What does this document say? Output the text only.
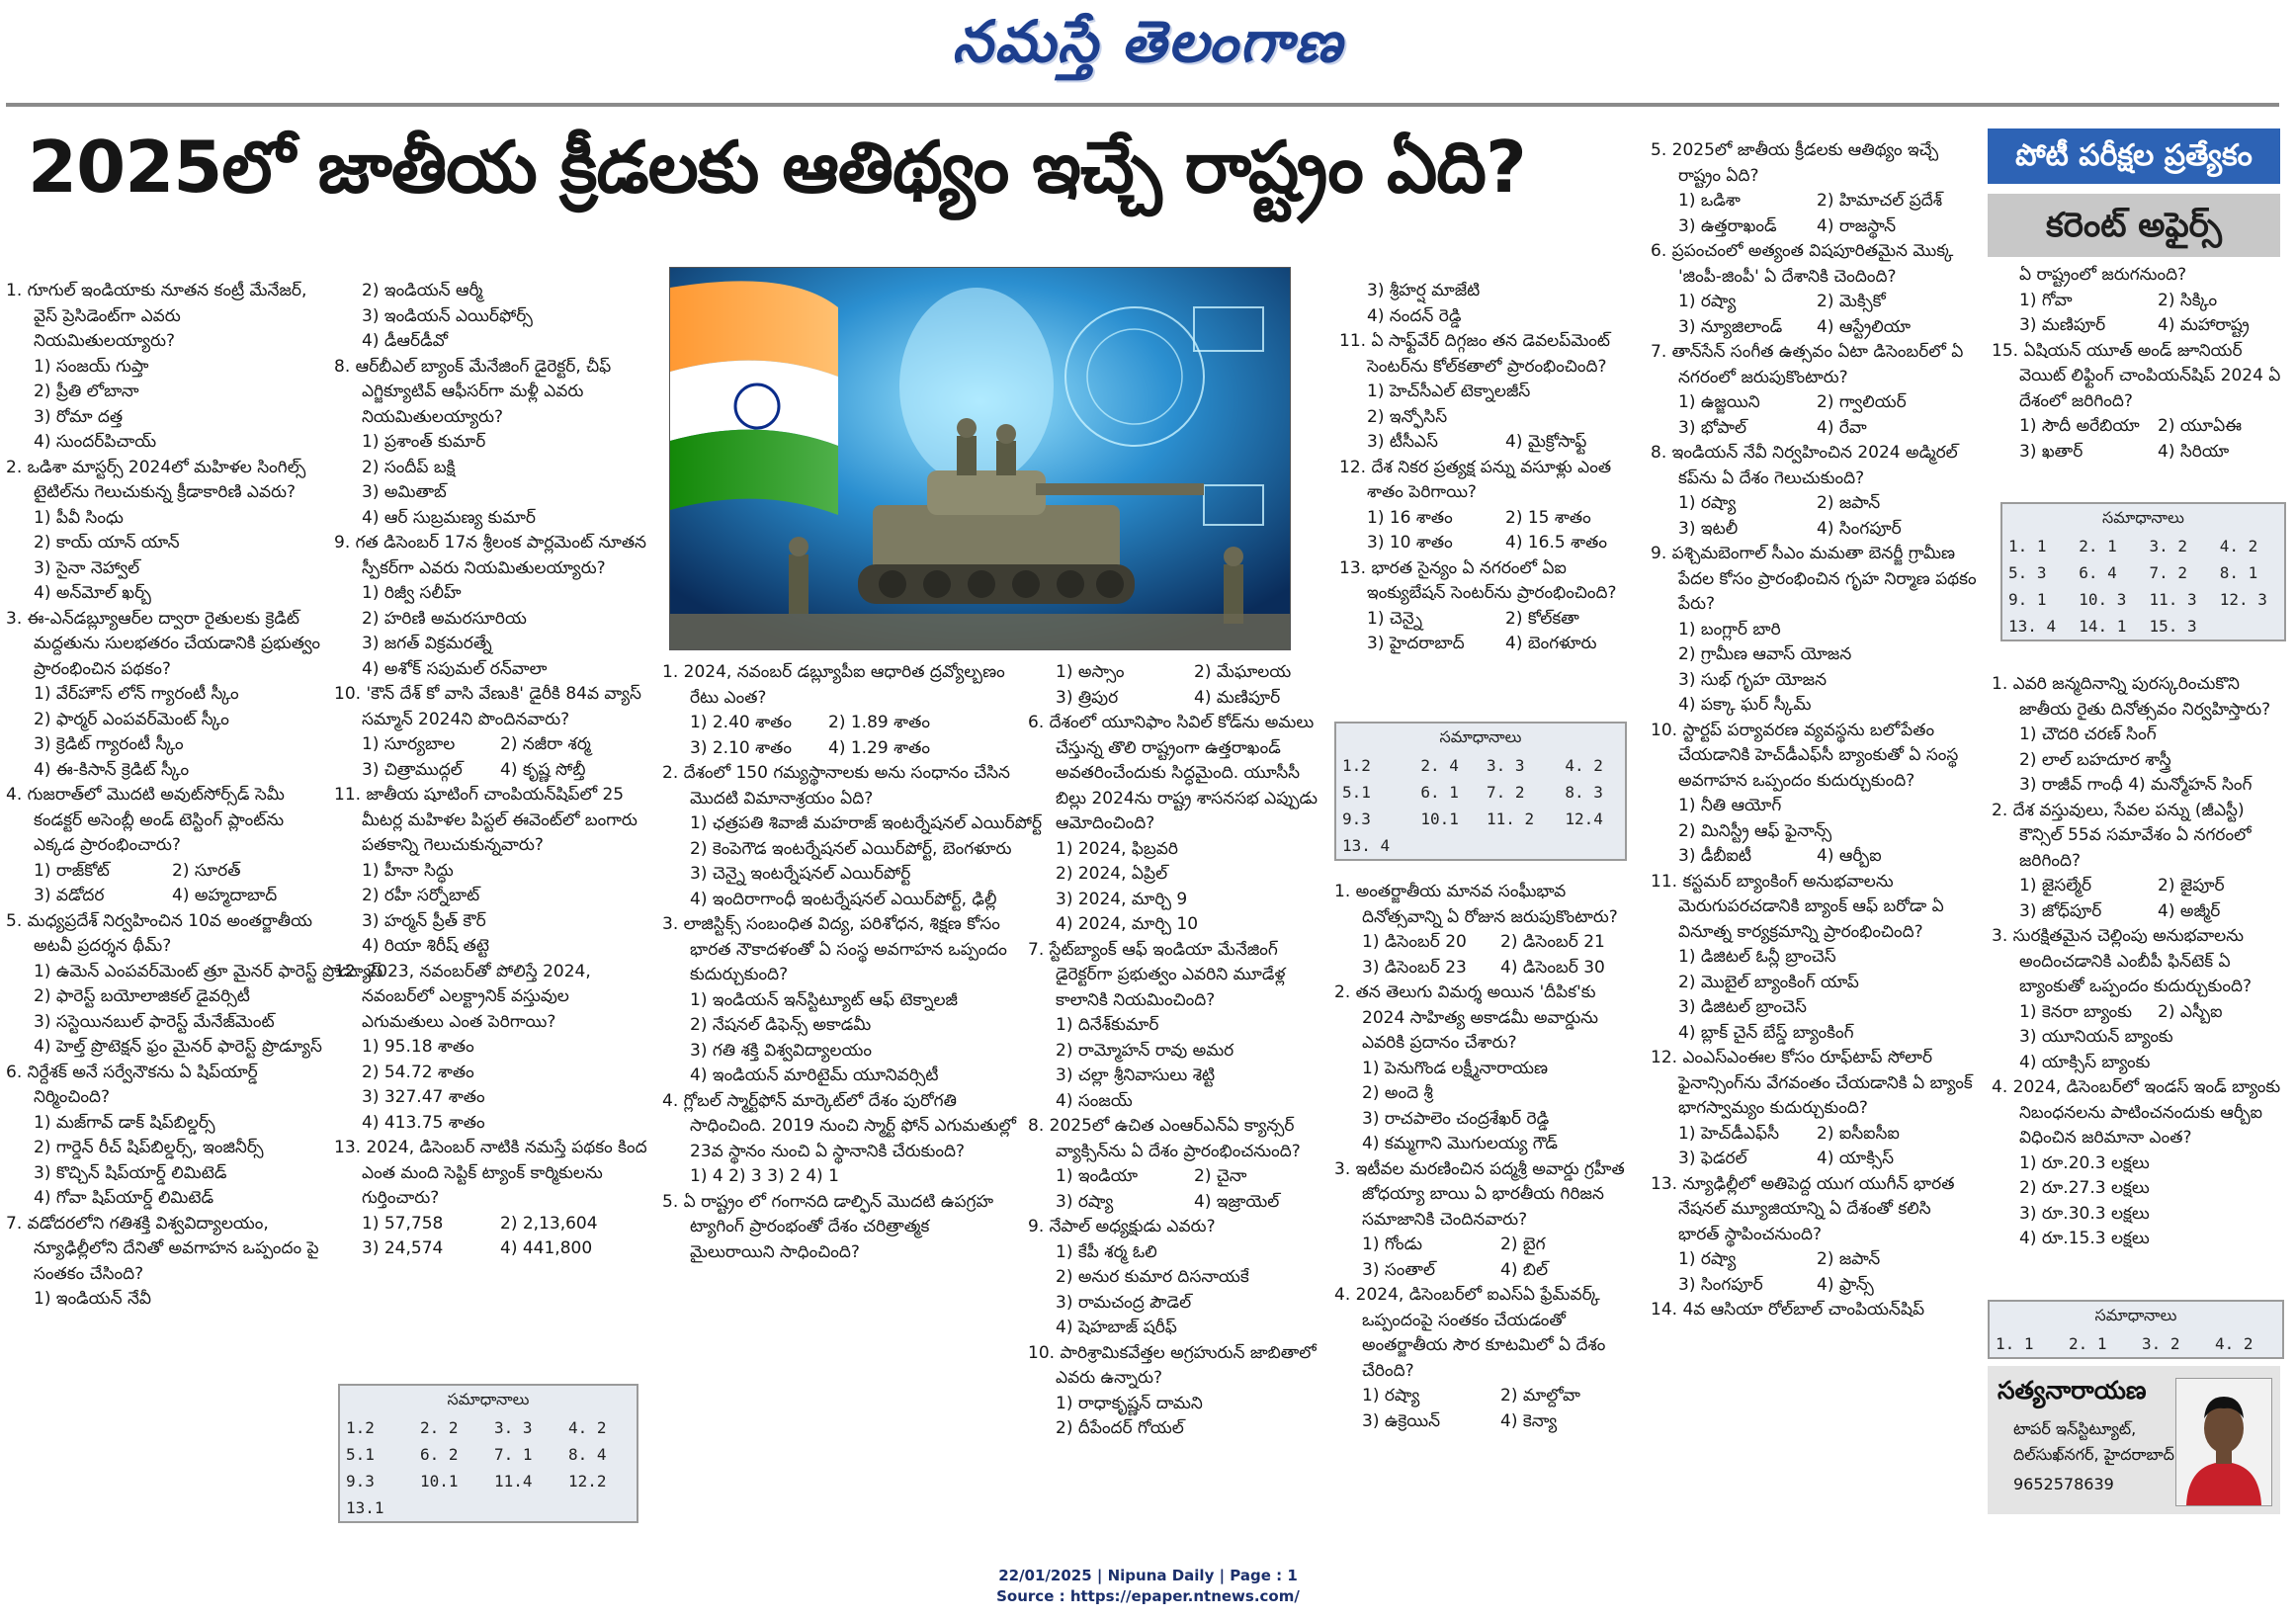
నమస్తే తెలంగాణ
2025లో జాతీయ క్రీడలకు ఆతిథ్యం ఇచ్చే రాష్ట్రం ఏది?	పోటీ పరీక్షల ప్రత్యేకం
కరెంట్ అఫైర్స్

1. గూగుల్ ఇండియాకు నూతన కంట్రీ మేనేజర్, వైస్ ప్రెసిడెంట్‌గా ఎవరు నియమితులయ్యారు?

1) సంజయ్ గుప్తా

2) ప్రీతి లోబానా

3) రోమా దత్త

4) సుందర్‌పిచాయ్

2. ఒడిశా మాస్టర్స్ 2024లో మహిళల సింగిల్స్ టైటిల్‌ను గెలుచుకున్న క్రీడాకారిణి ఎవరు?

1) పీవీ సింధు

2) కాయ్ యాన్ యాన్

3) సైనా నెహ్వాల్

4) అన్‌మోల్ ఖర్బ్

3. ఈ-ఎన్‌డబ్ల్యూఆర్‌ల ద్వారా రైతులకు క్రెడిట్ మద్దతును సులభతరం చేయడానికి ప్రభుత్వం ప్రారంభించిన పథకం?

1) వేర్‌హౌస్ లోన్ గ్యారంటీ స్కీం

2) ఫార్మర్ ఎంపవర్‌మెంట్ స్కీం

3) క్రెడిట్ గ్యారంటీ స్కీం

4) ఈ-కిసాన్ క్రెడిట్ స్కీం

4. గుజరాత్‌లో మొదటి అవుట్‌సోర్స్‌డ్ సెమీ కండక్టర్ అసెంబ్లీ అండ్ టెస్టింగ్ ప్లాంట్‌ను ఎక్కడ ప్రారంభించారు?

1) రాజ్‌కోట్	2) సూరత్

3) వడోదర	4) అహ్మదాబాద్

5. మధ్యప్రదేశ్ నిర్వహించిన 10వ అంతర్జాతీయ అటవీ ప్రదర్శన థీమ్?

1) ఉమెన్ ఎంపవర్‌మెంట్ త్రూ మైనర్ ఫారెస్ట్ ప్రొడ్యూస్

2) ఫారెస్ట్ బయోలాజికల్ డైవర్సిటీ

3) సస్టెయినబుల్ ఫారెస్ట్ మేనేజ్‌మెంట్

4) హెల్త్ ప్రొటెక్షన్ ఫ్రం మైనర్ ఫారెస్ట్ ప్రొడ్యూస్

6. నిర్దేశక్ అనే సర్వేనౌకను ఏ షిప్‌యార్డ్ నిర్మించింది?

1) మజ్‌గావ్ డాక్ షిప్‌బిల్డర్స్

2) గార్డెన్ రీచ్ షిప్‌బిల్డర్స్, ఇంజినీర్స్

3) కొచ్చిన్ షిప్‌యార్డ్ లిమిటెడ్

4) గోవా షిప్‌యార్డ్ లిమిటెడ్

7. వడోదరలోని గతిశక్తి విశ్వవిద్యాలయం, న్యూఢిల్లీలోని దేనితో అవగాహన ఒప్పందం పై సంతకం చేసింది?

1) ఇండియన్ నేవీ

2) ఇండియన్ ఆర్మీ

3) ఇండియన్ ఎయిర్‌ఫోర్స్

4) డీఆర్‌డీవో

8. ఆర్‌బీఎల్ బ్యాంక్ మేనేజింగ్ డైరెక్టర్, చీఫ్ ఎగ్జిక్యూటివ్ ఆఫీసర్‌గా మళ్లీ ఎవరు నియమితులయ్యారు?

1) ప్రశాంత్ కుమార్

2) సందీప్ బక్షి

3) అమితాబ్

4) ఆర్ సుబ్రమణ్య కుమార్

9. గత డిసెంబర్ 17న శ్రీలంక పార్లమెంట్ నూతన స్పీకర్‌గా ఎవరు నియమితులయ్యారు?

1) రిజ్వీ సలీహ్

2) హరిణి అమరసూరియ

3) జగత్ విక్రమరత్నే

4) అశోక్ సపుమల్ రన్‌వాలా

10. 'కౌన్ దేశ్ కో వాసి వేణుకి' డైరీకి 84వ వ్యాస్ సమ్మాన్ 2024ని పొందినవారు?

1) సూర్యబాల	2) నజీరా శర్మ

3) చిత్రాముద్గల్ 4) కృష్ణ సోబ్తీ

11. జాతీయ షూటింగ్ చాంపియన్‌షిప్‌లో 25 మీటర్ల మహిళల పిస్టల్ ఈవెంట్‌లో బంగారు పతకాన్ని గెలుచుకున్నవారు?

1) హీనా సిద్ధు

2) రహీ సర్నోబాట్

3) హర్మన్ ప్రీత్ కౌర్

4) రియా శిరీష్ తట్టె

12. 2023, నవంబర్‌తో పోలిస్తే 2024, నవంబర్‌లో ఎలక్ట్రానిక్ వస్తువుల ఎగుమతులు ఎంత పెరిగాయి?

1) 95.18 శాతం

2) 54.72 శాతం

3) 327.47 శాతం

4) 413.75 శాతం

13. 2024, డిసెంబర్ నాటికి నమస్తే పథకం కింద ఎంత మంది సెప్టిక్ ట్యాంక్ కార్మికులను గుర్తించారు?

1) 57,758	2) 2,13,604

3) 24,574	4) 441,800

1. 2024, నవంబర్ డబ్ల్యూపీఐ ఆధారిత ద్రవ్యోల్బణం రేటు ఎంత?

1) 2.40 శాతం 2) 1.89 శాతం

3) 2.10 శాతం 4) 1.29 శాతం

2. దేశంలో 150 గమ్యస్థానాలకు అను సంధానం చేసిన మొదటి విమానాశ్రయం ఏది?

1) ఛత్రపతి శివాజీ మహరాజ్ ఇంటర్నేషనల్ ఎయిర్‌పోర్ట్

2) కెంపెగౌడ ఇంటర్నేషనల్ ఎయిర్‌పోర్ట్, బెంగళూరు

3) చెన్నై ఇంటర్నేషనల్ ఎయిర్‌పోర్ట్

4) ఇందిరాగాంధీ ఇంటర్నేషనల్ ఎయిర్‌పోర్ట్, ఢిల్లీ

3. లాజిస్టిక్స్ సంబంధిత విద్య, పరిశోధన, శిక్షణ కోసం భారత నౌకాదళంతో ఏ సంస్థ అవగాహన ఒప్పందం కుదుర్చుకుంది?

1) ఇండియన్ ఇన్‌స్టిట్యూట్ ఆఫ్ టెక్నాలజీ

2) నేషనల్ డిఫెన్స్ అకాడమీ

3) గతి శక్తి విశ్వవిద్యాలయం

4) ఇండియన్ మారిటైమ్ యూనివర్సిటీ

4. గ్లోబల్ స్మార్ట్‌ఫోన్ మార్కెట్‌లో దేశం పురోగతి సాధించింది. 2019 నుంచి స్మార్ట్ ఫోన్ ఎగుమతుల్లో 23వ స్థానం నుంచి ఏ స్థానానికి చేరుకుంది?

1) 4 2) 3 3) 2 4) 1

5. ఏ రాష్ట్రం లో గంగానది డాల్ఫిన్ మొదటి ఉపగ్రహ ట్యాగింగ్ ప్రారంభంతో దేశం చరిత్రాత్మక మైలురాయిని సాధించింది?

1) అస్సాం	2) మేఘాలయ

3) త్రిపుర	4) మణిపూర్

6. దేశంలో యూనిఫాం సివిల్ కోడ్‌ను అమలు చేస్తున్న తొలి రాష్ట్రంగా ఉత్తరాఖండ్ అవతరించేందుకు సిద్ధమైంది. యూసీసీ బిల్లు 2024ను రాష్ట్ర శాసనసభ ఎప్పుడు ఆమోదించింది?

1) 2024, ఫిబ్రవరి

2) 2024, ఏప్రిల్

3) 2024, మార్చి 9

4) 2024, మార్చి 10

7. స్టేట్‌బ్యాంక్ ఆఫ్ ఇండియా మేనేజింగ్ డైరెక్టర్‌గా ప్రభుత్వం ఎవరిని మూడేళ్ల కాలానికి నియమించింది?

1) దినేశ్‌కుమార్

2) రామ్మోహన్ రావు అమర

3) చల్లా శ్రీనివాసులు శెట్టి

4) సంజయ్

8. 2025లో ఉచిత ఎంఆర్‌ఎన్ఏ క్యాన్సర్ వ్యాక్సిన్‌ను ఏ దేశం ప్రారంభించనుంది?

1) ఇండియా	2) చైనా

3) రష్యా	4) ఇజ్రాయెల్

9. నేపాల్ అధ్యక్షుడు ఎవరు?

1) కేపీ శర్మ ఓలి

2) అనుర కుమార దిసనాయకే

3) రామచంద్ర పౌడెల్

4) షెహబాజ్ షరీఫ్

10. పారిశ్రామికవేత్తల అగ్రహురున్ జాబితాలో ఎవరు ఉన్నారు?

1) రాధాకృష్ణన్ దామని

2) దీపేందర్ గోయల్

3) శ్రీహర్ష మాజేటి

4) నందన్ రెడ్డి

11. ఏ సాఫ్ట్‌వేర్ దిగ్గజం తన డెవలప్‌మెంట్ సెంటర్‌ను కోల్‌కతాలో ప్రారంభించింది?

1) హెచ్‌సీఎల్ టెక్నాలజీస్

2) ఇన్ఫోసిస్

3) టీసీఎస్	4) మైక్రోసాఫ్ట్

12. దేశ నికర ప్రత్యక్ష పన్ను వసూళ్లు ఎంత శాతం పెరిగాయి?

1) 16 శాతం	2) 15 శాతం

3) 10 శాతం	4) 16.5 శాతం

13. భారత సైన్యం ఏ నగరంలో ఏఐ ఇంక్యుబేషన్ సెంటర్‌ను ప్రారంభించింది?

1) చెన్నై	2) కోల్‌కతా

3) హైదరాబాద్ 4) బెంగళూరు

సమాధానాలు
1.2	2. 4	3. 3	4. 2
5.1	6. 1	7. 2	8. 3
9.3	10.1	11. 2	12.4
13. 4			

1. అంతర్జాతీయ మానవ సంఘీభావ దినోత్సవాన్ని ఏ రోజున జరుపుకొంటారు?

1) డిసెంబర్ 20 2) డిసెంబర్ 21

3) డిసెంబర్ 23 4) డిసెంబర్ 30

2. తన తెలుగు విమర్శ అయిన 'దీపిక'కు 2024 సాహిత్య అకాడమీ అవార్డును ఎవరికి ప్రదానం చేశారు?

1) పెనుగొండ లక్ష్మీనారాయణ

2) అందె శ్రీ

3) రాచపాలెం చంద్రశేఖర్ రెడ్డి

4) కమ్మగాని మొగులయ్య గౌడ్

3. ఇటీవల మరణించిన పద్మశ్రీ అవార్డు గ్రహీత జోధయ్యా బాయి ఏ భారతీయ గిరిజన సమాజానికి చెందినవారు?

1) గోండు	2) బైగ

3) సంతాల్	4) బిల్

4. 2024, డిసెంబర్‌లో ఐఎస్ఏ ఫ్రేమ్‌వర్క్ ఒప్పందంపై సంతకం చేయడంతో అంతర్జాతీయ సౌర కూటమిలో ఏ దేశం చేరింది?

1) రష్యా	2) మాల్దోవా

3) ఉక్రెయిన్	4) కెన్యా

5. 2025లో జాతీయ క్రీడలకు ఆతిథ్యం ఇచ్చే రాష్ట్రం ఏది?

1) ఒడిశా	2) హిమాచల్ ప్రదేశ్

3) ఉత్తరాఖండ్ 4) రాజస్థాన్

6. ప్రపంచంలో అత్యంత విషపూరితమైన మొక్క 'జింపీ-జింపీ' ఏ దేశానికి చెందింది?

1) రష్యా	2) మెక్సికో

3) న్యూజిలాండ్ 4) ఆస్ట్రేలియా

7. తాన్‌సేన్ సంగీత ఉత్సవం ఏటా డిసెంబర్‌లో ఏ నగరంలో జరుపుకొంటారు?

1) ఉజ్జయిని	2) గ్వాలియర్

3) భోపాల్	4) రేవా

8. ఇండియన్ నేవీ నిర్వహించిన 2024 అడ్మిరల్ కప్‌ను ఏ దేశం గెలుచుకుంది?

1) రష్యా	2) జపాన్

3) ఇటలీ	4) సింగపూర్

9. పశ్చిమబెంగాల్ సీఎం మమతా బెనర్జీ గ్రామీణ పేదల కోసం ప్రారంభించిన గృహ నిర్మాణ పథకం పేరు?

1) బంగ్లార్ బారి

2) గ్రామీణ ఆవాస్ యోజన

3) సుభ్ గృహ యోజన

4) పక్కా ఘర్ స్కీమ్

10. స్టార్టప్ పర్యావరణ వ్యవస్థను బలోపేతం చేయడానికి హెచ్‌డీఎఫ్‌సీ బ్యాంకుతో ఏ సంస్థ అవగాహన ఒప్పందం కుదుర్చుకుంది?

1) నీతి ఆయోగ్

2) మినిస్ట్రీ ఆఫ్ ఫైనాన్స్

3) డీబీఐటీ	4) ఆర్బీఐ

11. కస్టమర్ బ్యాంకింగ్ అనుభవాలను మెరుగుపరచడానికి బ్యాంక్ ఆఫ్ బరోడా ఏ వినూత్న కార్యక్రమాన్ని ప్రారంభించింది?

1) డిజిటల్ ఓన్లీ బ్రాంచెస్

2) మొబైల్ బ్యాంకింగ్ యాప్

3) డిజిటల్ బ్రాంచెస్

4) బ్లాక్ చైన్ బేస్డ్ బ్యాంకింగ్

12. ఎంఎస్ఎంఈల కోసం రూఫ్‌టాప్ సోలార్ ఫైనాన్సింగ్‌ను వేగవంతం చేయడానికి ఏ బ్యాంక్ భాగస్వామ్యం కుదుర్చుకుంది?

1) హెచ్‌డీఎఫ్‌సీ 2) ఐసీఐసీఐ

3) ఫెడరల్	4) యాక్సిస్

13. న్యూఢిల్లీలో అతిపెద్ద యుగ యుగీన్ భారత నేషనల్ మ్యూజియాన్ని ఏ దేశంతో కలిసి భారత్ స్థాపించనుంది?

1) రష్యా	2) జపాన్

3) సింగపూర్	4) ఫ్రాన్స్

14. 4వ ఆసియా రోల్‌బాల్ చాంపియన్‌షిప్

ఏ రాష్ట్రంలో జరుగనుంది?

1) గోవా	2) సిక్కిం

3) మణిపూర్	4) మహారాష్ట్ర

15. ఏషియన్ యూత్ అండ్ జూనియర్ వెయిట్ లిఫ్టింగ్ చాంపియన్‌షిప్ 2024 ఏ దేశంలో జరిగింది?

1) సౌదీ అరేబియా 2) యూఏఈ

3) ఖతార్	4) సిరియా

సమాధానాలు
1. 1	2. 1	3. 2	4. 2
5. 3	6. 4	7. 2	8. 1
9. 1	10. 3	11. 3	12. 3
13. 4	14. 1	15. 3	

1. ఎవరి జన్మదినాన్ని పురస్కరించుకొని జాతీయ రైతు దినోత్సవం నిర్వహిస్తారు?

1) చౌదరి చరణ్ సింగ్

2) లాల్ బహదూర శాస్త్రీ

3) రాజీవ్ గాంధీ 4) మన్మోహన్ సింగ్

2. దేశ వస్తువులు, సేవల పన్ను (జీఎస్టీ) కౌన్సిల్ 55వ సమావేశం ఏ నగరంలో జరిగింది?

1) జైసల్మేర్	2) జైపూర్

3) జోధ్‌పూర్	4) అజ్మీర్

3. సురక్షితమైన చెల్లింపు అనుభవాలను అందించడానికి ఎంబీపీ ఫిన్‌టెక్ ఏ బ్యాంకుతో ఒప్పందం కుదుర్చుకుంది?

1) కెనరా బ్యాంకు 2) ఎస్బీఐ

3) యూనియన్ బ్యాంకు

4) యాక్సిస్ బ్యాంకు

4. 2024, డిసెంబర్‌లో ఇండస్ ఇండ్ బ్యాంకు నిబంధనలను పాటించనందుకు ఆర్బీఐ విధించిన జరిమానా ఎంత?

1) రూ.20.3 లక్షలు

2) రూ.27.3 లక్షలు

3) రూ.30.3 లక్షలు

4) రూ.15.3 లక్షలు

సమాధానాలు
1. 1	2. 1	3. 2	4. 2
సమాధానాలు
1.2	2. 2	3. 3	4. 2
5.1	6. 2	7. 1	8. 4
9.3	10.1	11.4	12.2
13.1			
సత్యనారాయణ
టాపర్ ఇన్‌స్టిట్యూట్,
దిల్‌సుఖ్‌నగర్, హైదరాబాద్
9652578639
22/01/2025 | Nipuna Daily | Page : 1
Source : https://epaper.ntnews.com/
